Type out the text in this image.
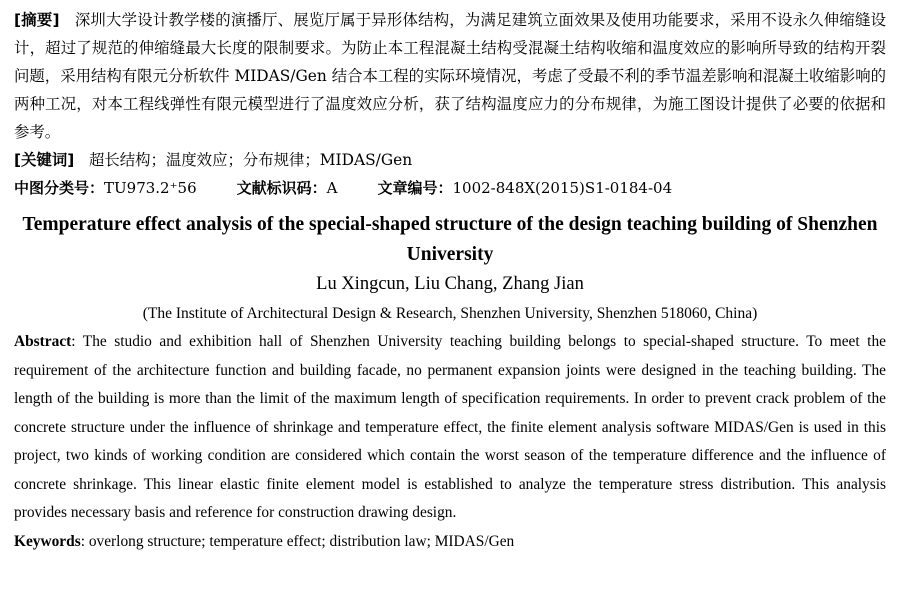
[摘要] 深圳大学设计教学楼的演播厅、展览厅属于异形体结构，为满足建筑立面效果及使用功能要求，采用不设永久伸缩缝设计，超过了规范的伸缩缝最大长度的限制要求。为防止本工程混凝土结构受混凝土结构收缩和温度效应的影响所导致的结构开裂问题，采用结构有限元分析软件 MIDAS/Gen 结合本工程的实际环境情况，考虑了受最不利的季节温差影响和混凝土收缩影响的两种工况，对本工程线弹性有限元模型进行了温度效应分析，获了结构温度应力的分布规律，为施工图设计提供了必要的依据和参考。

[关键词] 超长结构；温度效应；分布规律；MIDAS/Gen

中图分类号：TU973.2⁺56	文献标识码：A	文章编号：1002-848X(2015)S1-0184-04

Temperature effect analysis of the special-shaped structure of the design teaching building of Shenzhen University

Lu Xingcun, Liu Chang, Zhang Jian

(The Institute of Architectural Design & Research, Shenzhen University, Shenzhen 518060, China)

Abstract: The studio and exhibition hall of Shenzhen University teaching building belongs to special-shaped structure. To meet the requirement of the architecture function and building facade, no permanent expansion joints were designed in the teaching building. The length of the building is more than the limit of the maximum length of specification requirements. In order to prevent crack problem of the concrete structure under the influence of shrinkage and temperature effect, the finite element analysis software MIDAS/Gen is used in this project, two kinds of working condition are considered which contain the worst season of the temperature difference and the influence of concrete shrinkage. This linear elastic finite element model is established to analyze the temperature stress distribution. This analysis provides necessary basis and reference for construction drawing design.

Keywords: overlong structure; temperature effect; distribution law; MIDAS/Gen
